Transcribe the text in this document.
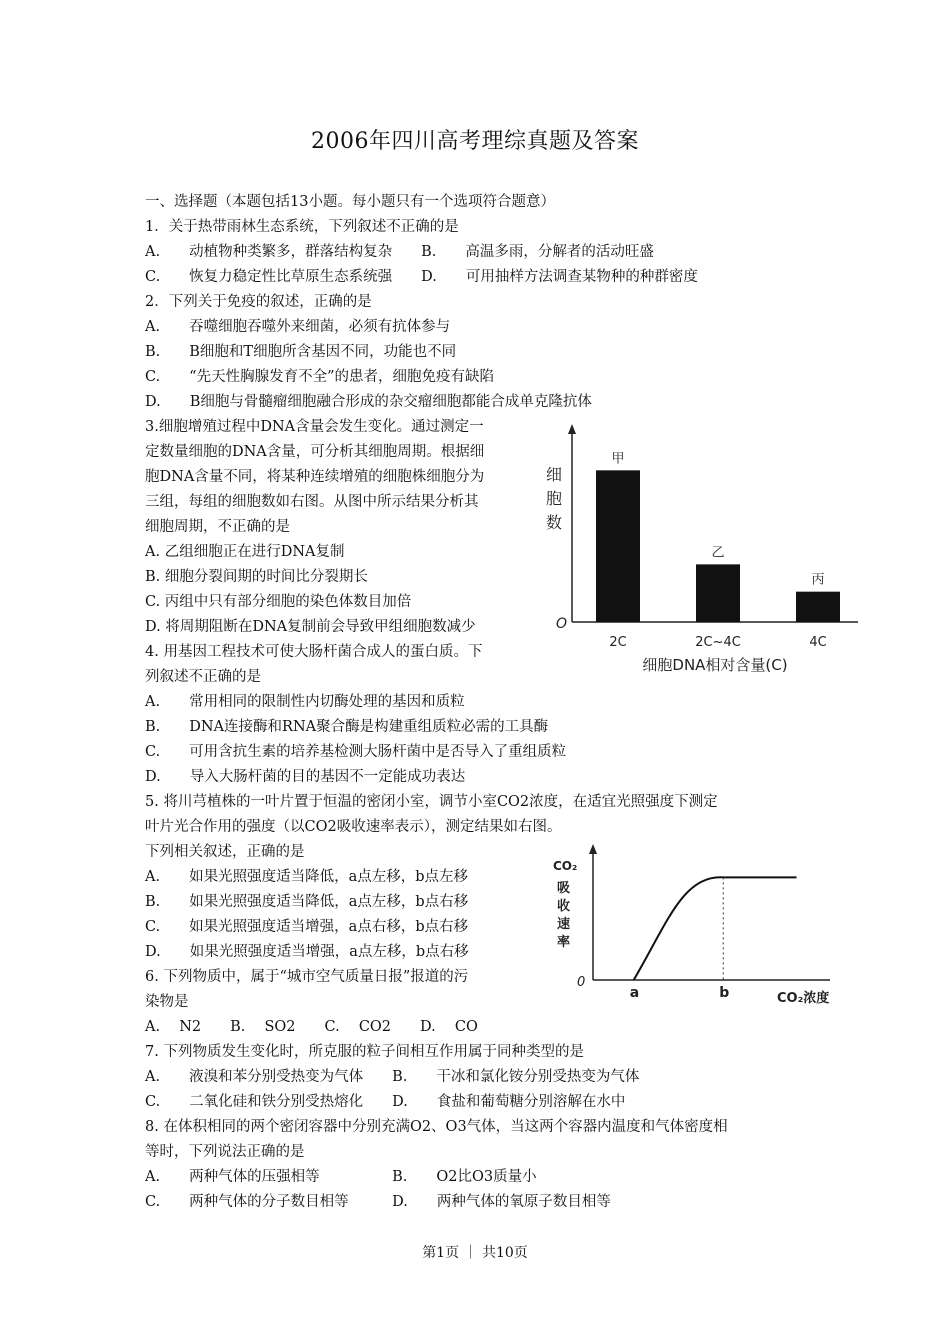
2006年四川高考理综真题及答案
一、选择题（本题包括13小题。每小题只有一个选项符合题意）
1．关于热带雨林生态系统，下列叙述不正确的是
A.　　动植物种类繁多，群落结构复杂　　B.　　高温多雨，分解者的活动旺盛
C.　　恢复力稳定性比草原生态系统强　　D.　　可用抽样方法调查某物种的种群密度
2．下列关于免疫的叙述，正确的是
A.　　吞噬细胞吞噬外来细菌，必须有抗体参与
B.　　B细胞和T细胞所含基因不同，功能也不同
C.　　“先天性胸腺发育不全”的患者，细胞免疫有缺陷
D.　　B细胞与骨髓瘤细胞融合形成的杂交瘤细胞都能合成单克隆抗体
3.细胞增殖过程中DNA含量会发生变化。通过测定一
定数量细胞的DNA含量，可分析其细胞周期。根据细
胞DNA含量不同，将某种连续增殖的细胞株细胞分为
三组，每组的细胞数如右图。从图中所示结果分析其
细胞周期，不正确的是
A. 乙组细胞正在进行DNA复制
B. 细胞分裂间期的时间比分裂期长
C. 丙组中只有部分细胞的染色体数目加倍
D. 将周期阻断在DNA复制前会导致甲组细胞数减少
4. 用基因工程技术可使大肠杆菌合成人的蛋白质。下
列叙述不正确的是
A.　　常用相同的限制性内切酶处理的基因和质粒
B.　　DNA连接酶和RNA聚合酶是构建重组质粒必需的工具酶
C.　　可用含抗生素的培养基检测大肠杆菌中是否导入了重组质粒
D.　　导入大肠杆菌的目的基因不一定能成功表达
5. 将川芎植株的一叶片置于恒温的密闭小室，调节小室CO2浓度，在适宜光照强度下测定
叶片光合作用的强度（以CO2吸收速率表示），测定结果如右图。
下列相关叙述，正确的是
A.　　如果光照强度适当降低，a点左移，b点左移
B.　　如果光照强度适当降低，a点左移，b点右移
C.　　如果光照强度适当增强，a点右移，b点右移
D.　　如果光照强度适当增强，a点左移，b点右移
6. 下列物质中，属于“城市空气质量日报”报道的污
染物是
A.　 N2　　B.　 SO2　　C.　 CO2　　D.　 CO
7. 下列物质发生变化时，所克服的粒子间相互作用属于同种类型的是
A.　　液溴和苯分别受热变为气体　　B.　　干冰和氯化铵分别受热变为气体
C.　　二氧化硅和铁分别受热熔化　　D.　　食盐和葡萄糖分别溶解在水中
8. 在体积相同的两个密闭容器中分别充满O2、O3气体，当这两个容器内温度和气体密度相
等时，下列说法正确的是
A.　　两种气体的压强相等　　　　　B.　　O2比O3质量小
C.　　两种气体的分子数目相等　　　D.　　两种气体的氧原子数目相等
细
胞
数
O
甲
2C
乙
2C~4C
丙
4C
细胞DNA相对含量(C)
CO₂
吸
收
速
率
0
a	b	CO₂浓度
第1页 ｜ 共10页
